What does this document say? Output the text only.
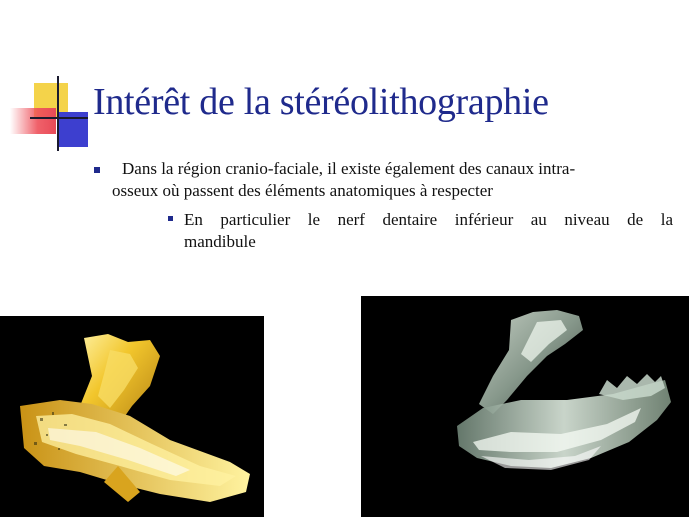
Intérêt de la stéréolithographie
Dans la région cranio-faciale, il existe également des canaux intra-
osseux où passent des éléments anatomiques à respecter
En particulier le nerf dentaire inférieur au niveau de la
mandibule
